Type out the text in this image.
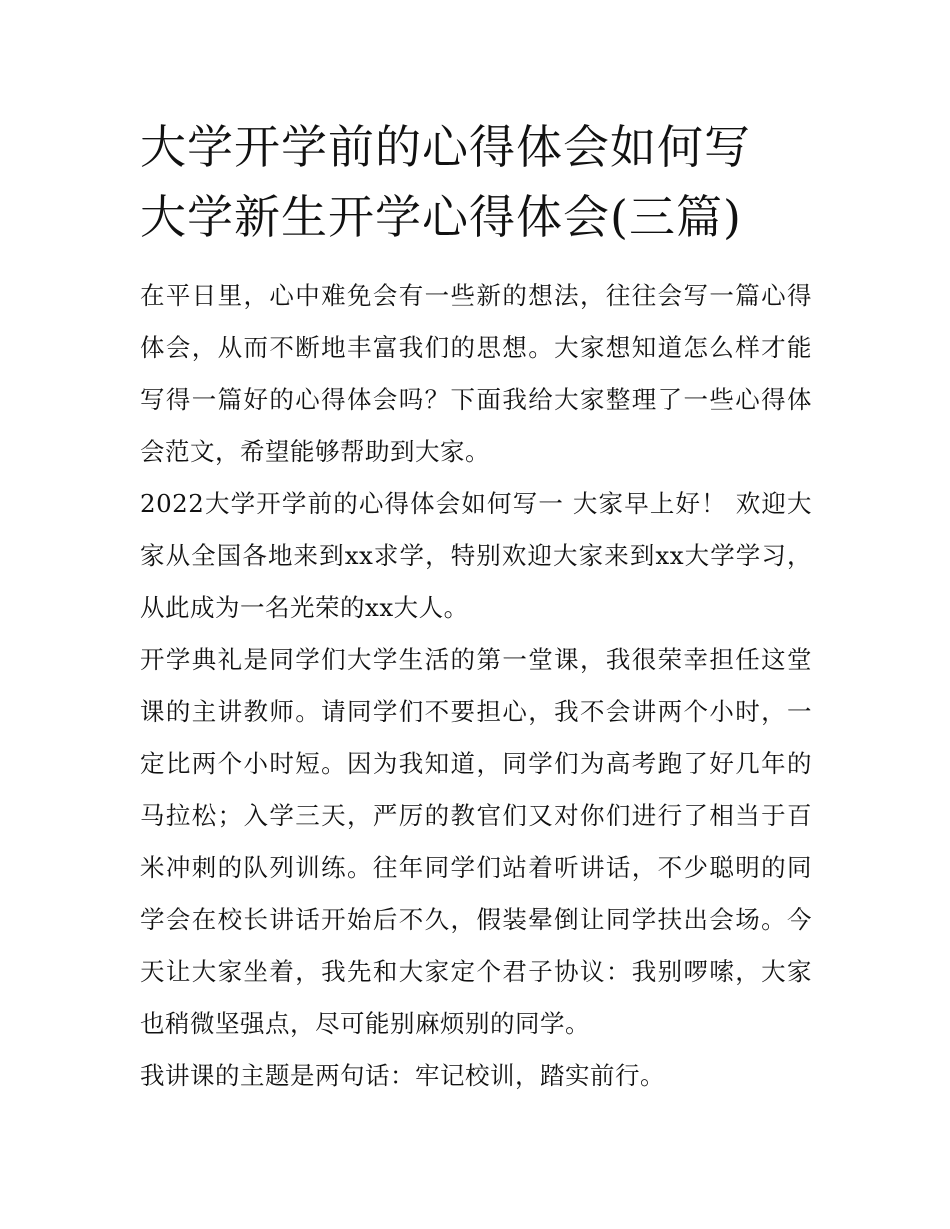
大学开学前的心得体会如何写
大学新生开学心得体会(三篇)

在平日里，心中难免会有一些新的想法，往往会写一篇心得体会，从而不断地丰富我们的思想。大家想知道怎么样才能写得一篇好的心得体会吗？下面我给大家整理了一些心得体会范文，希望能够帮助到大家。

2022大学开学前的心得体会如何写一 大家早上好！ 欢迎大家从全国各地来到xx求学，特别欢迎大家来到xx大学学习，从此成为一名光荣的xx大人。

开学典礼是同学们大学生活的第一堂课，我很荣幸担任这堂课的主讲教师。请同学们不要担心，我不会讲两个小时，一定比两个小时短。因为我知道，同学们为高考跑了好几年的马拉松；入学三天，严厉的教官们又对你们进行了相当于百米冲刺的队列训练。往年同学们站着听讲话，不少聪明的同学会在校长讲话开始后不久，假装晕倒让同学扶出会场。今天让大家坐着，我先和大家定个君子协议：我别啰嗦，大家也稍微坚强点，尽可能别麻烦别的同学。

我讲课的主题是两句话：牢记校训，踏实前行。
